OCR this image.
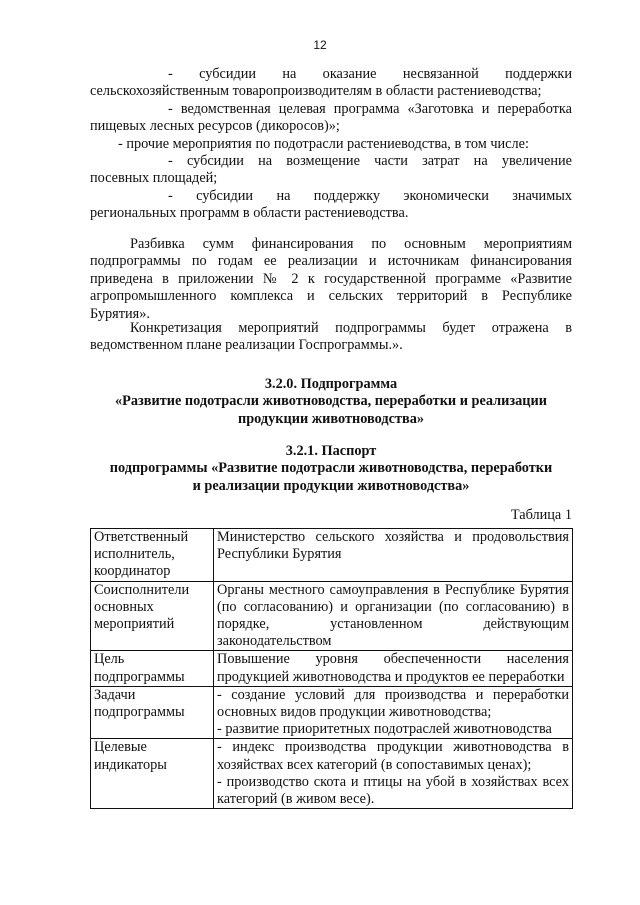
12
- субсидии на оказание несвязанной поддержки
сельскохозяйственным товаропроизводителям в области растениеводства;
- ведомственная целевая программа «Заготовка и переработка
пищевых лесных ресурсов (дикоросов)»;
- прочие мероприятия по подотрасли растениеводства, в том числе:
- субсидии на возмещение части затрат на увеличение
посевных площадей;
- субсидии на поддержку экономически значимых
региональных программ в области растениеводства.
Разбивка сумм финансирования по основным мероприятиям подпрограммы по годам ее реализации и источникам финансирования приведена в приложении № 2 к государственной программе «Развитие агропромышленного комплекса и сельских территорий в Республике Бурятия».
Конкретизация мероприятий подпрограммы будет отражена в ведомственном плане реализации Госпрограммы.».
3.2.0. Подпрограмма
«Развитие подотрасли животноводства, переработки и реализации
продукции животноводства»
3.2.1. Паспорт
подпрограммы «Развитие подотрасли животноводства, переработки
и реализации продукции животноводства»
Таблица 1
Ответственный исполнитель, координатор	Министерство сельского хозяйства и продовольствия Республики Бурятия

Соисполнители основных мероприятий	Органы местного самоуправления в Республике Бурятия (по согласованию) и организации (по согласованию) в порядке, установленном действующим законодательством

Цель подпрограммы	Повышение уровня обеспеченности населения продукцией животноводства и продуктов ее переработки

Задачи подпрограммы	- создание условий для производства и переработки основных видов продукции животноводства;
- развитие приоритетных подотраслей животноводства

Целевые индикаторы	- индекс производства продукции животноводства в хозяйствах всех категорий (в сопоставимых ценах);
- производство скота и птицы на убой в хозяйствах всех категорий (в живом весе).
